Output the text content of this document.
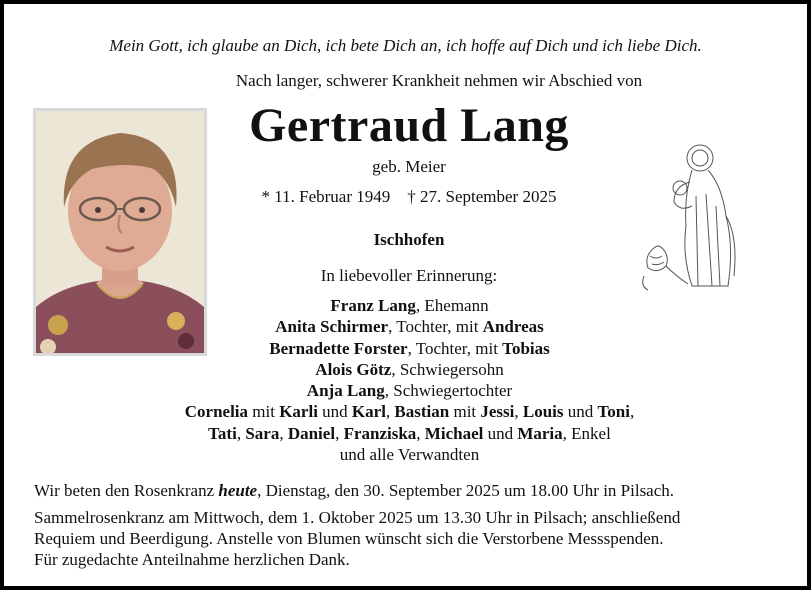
Mein Gott, ich glaube an Dich, ich bete Dich an, ich hoffe auf Dich und ich liebe Dich.
Nach langer, schwerer Krankheit nehmen wir Abschied von
Gertraud Lang
geb. Meier
* 11. Februar 1949 † 27. September 2025
Ischhofen
In liebevoller Erinnerung:
Franz Lang, Ehemann
Anita Schirmer, Tochter, mit Andreas
Bernadette Forster, Tochter, mit Tobias
Alois Götz, Schwiegersohn
Anja Lang, Schwiegertochter
Cornelia mit Karli und Karl, Bastian mit Jessi, Louis und Toni,
Tati, Sara, Daniel, Franziska, Michael und Maria, Enkel
und alle Verwandten

Wir beten den Rosenkranz heute, Dienstag, den 30. September 2025 um 18.00 Uhr in Pilsach.

Sammelrosenkranz am Mittwoch, dem 1. Oktober 2025 um 13.30 Uhr in Pilsach; anschließend

Requiem und Beerdigung. Anstelle von Blumen wünscht sich die Verstorbene Messspenden.

Für zugedachte Anteilnahme herzlichen Dank.
